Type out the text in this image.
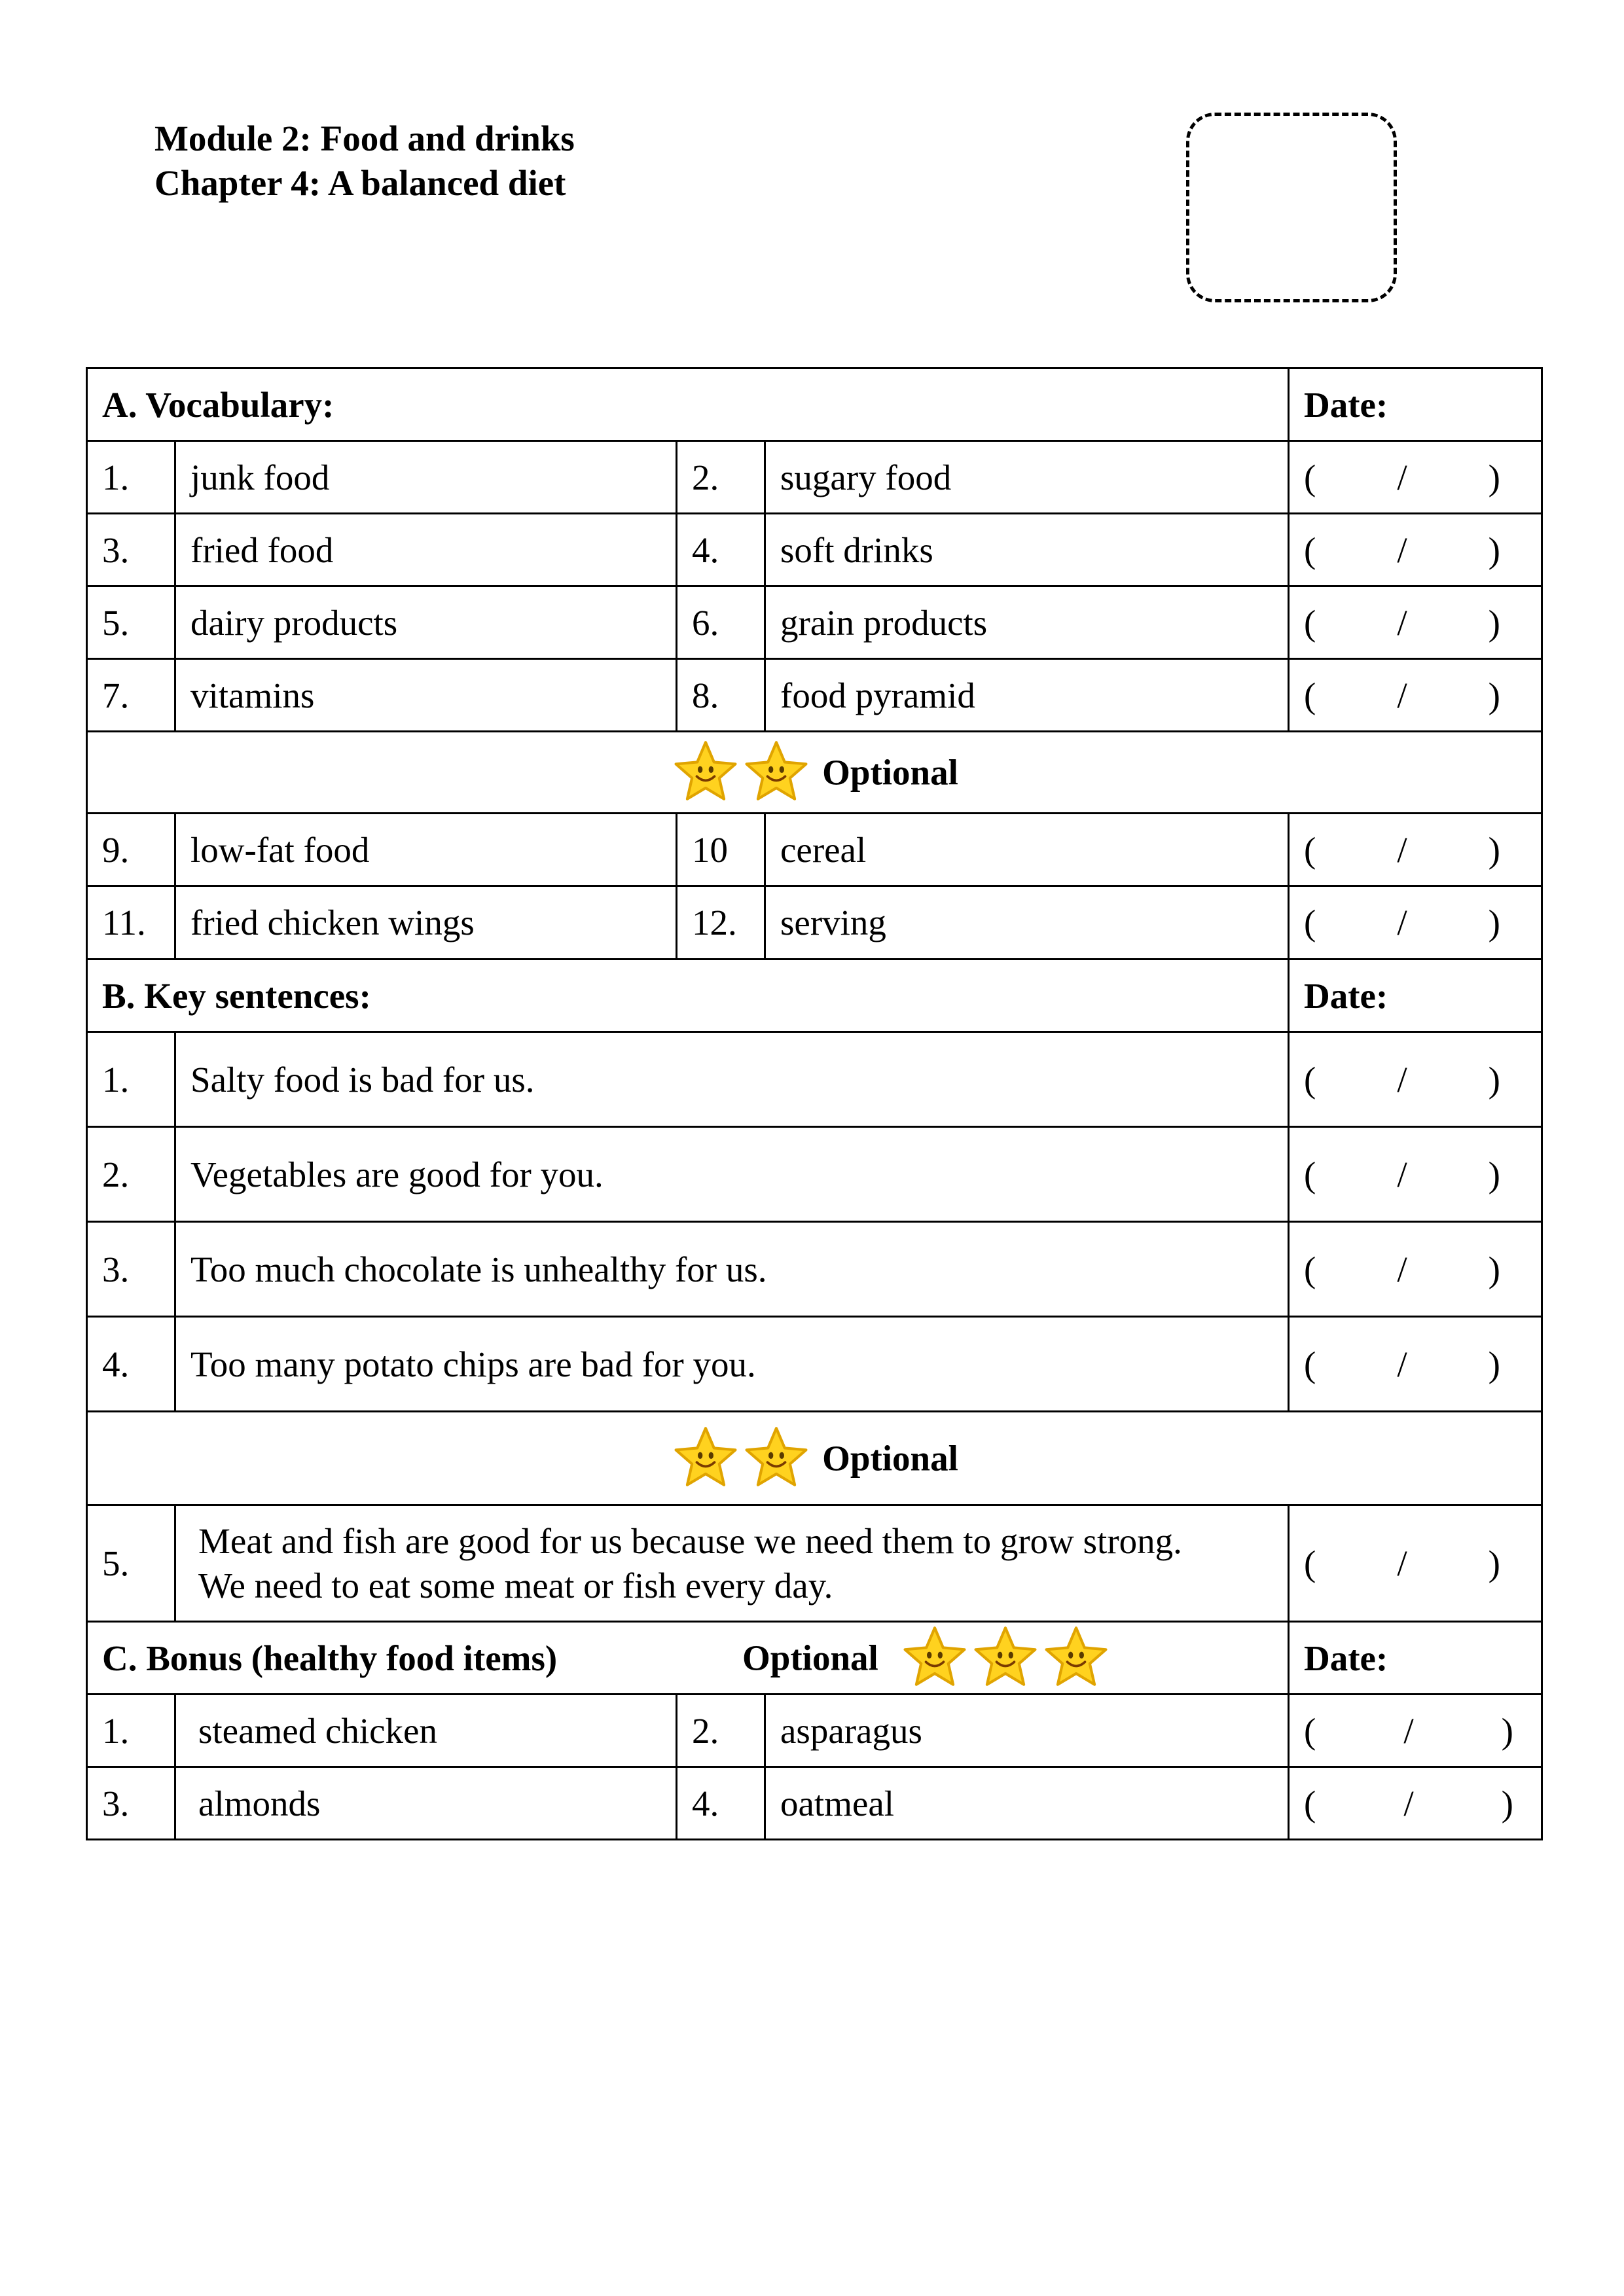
Module 2: Food and drinks
Chapter 4: A balanced diet
A. Vocabulary:				Date:
1.	junk food	2.	sugary food	( / )

3.	fried food	4.	soft drinks	( / )

5.	dairy products	6.	grain products	( / )

7.	vitamins	8.	food pyramid	( / )

Optional				
9.	low-fat food	10	cereal	( / )

11.	fried chicken wings	12.	serving	( / )

B. Key sentences:				Date:
1.	Salty food is bad for us.			( / )

2.	Vegetables are good for you.			( / )

3.	Too much chocolate is unhealthy for us.			( / )

4.	Too many potato chips are bad for you.			( / )

Optional				
5.	Meat and fish are good for us because we need them to grow strong.
We need to eat some meat or fish every day.			( / )

C. Bonus (healthy food items) Optional				Date:
1.	steamed chicken	2.	asparagus	( / )

3.	almonds	4.	oatmeal	( / )
